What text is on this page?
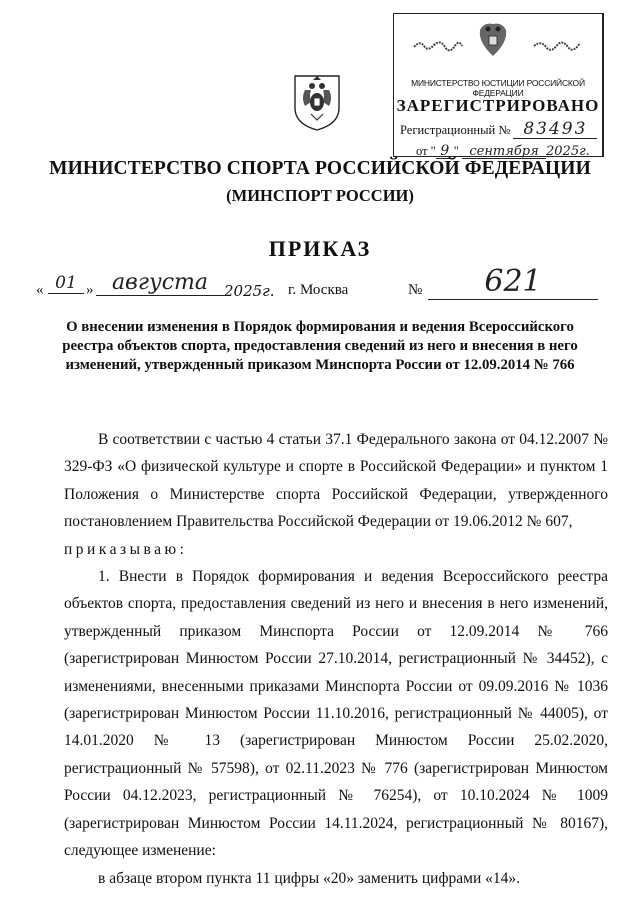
МИНИСТЕРСТВО ЮСТИЦИИ РОССИЙСКОЙ ФЕДЕРАЦИИ
ЗАРЕГИСТРИРОВАНО
Регистрационный № 83493
от " 9 " сентября 2025г.
МИНИСТЕРСТВО СПОРТА РОССИЙСКОЙ ФЕДЕРАЦИИ
(МИНСПОРТ РОССИИ)
ПРИКАЗ
« 01 » августа	2025г. г. Москва	№	621
О внесении изменения в Порядок формирования и ведения Всероссийского реестра объектов спорта, предоставления сведений из него и внесения в него изменений, утвержденный приказом Минспорта России от 12.09.2014 № 766

В соответствии с частью 4 статьи 37.1 Федерального закона от 04.12.2007 № 329-ФЗ «О физической культуре и спорте в Российской Федерации» и пунктом 1 Положения о Министерстве спорта Российской Федерации, утвержденного постановлением Правительства Российской Федерации от 19.06.2012 № 607,

приказываю:

1. Внести в Порядок формирования и ведения Всероссийского реестра объектов спорта, предоставления сведений из него и внесения в него изменений, утвержденный приказом Минспорта России от 12.09.2014 № 766 (зарегистрирован Минюстом России 27.10.2014, регистрационный № 34452), с изменениями, внесенными приказами Минспорта России от 09.09.2016 № 1036 (зарегистрирован Минюстом России 11.10.2016, регистрационный № 44005), от 14.01.2020 № 13 (зарегистрирован Минюстом России 25.02.2020, регистрационный № 57598), от 02.11.2023 № 776 (зарегистрирован Минюстом России 04.12.2023, регистрационный № 76254), от 10.10.2024 № 1009 (зарегистрирован Минюстом России 14.11.2024, регистрационный № 80167), следующее изменение:

в абзаце втором пункта 11 цифры «20» заменить цифрами «14».
